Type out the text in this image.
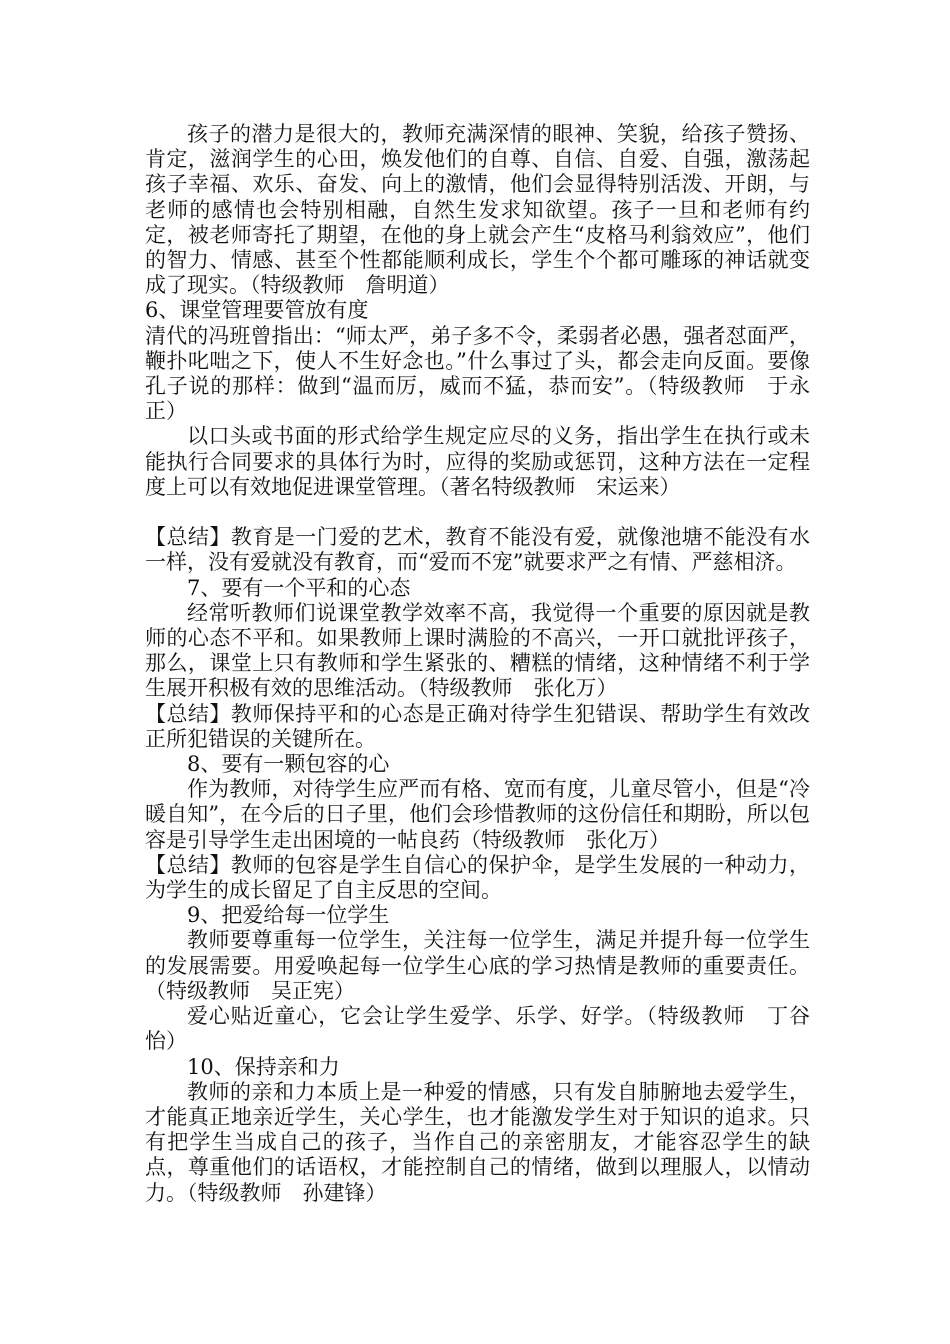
孩子的潜力是很大的，教师充满深情的眼神、笑貌，给孩子赞扬、肯定，滋润学生的心田，焕发他们的自尊、自信、自爱、自强，激荡起孩子幸福、欢乐、奋发、向上的激情，他们会显得特别活泼、开朗，与老师的感情也会特别相融，自然生发求知欲望。孩子一旦和老师有约定，被老师寄托了期望，在他的身上就会产生“皮格马利翁效应”，他们的智力、情感、甚至个性都能顺利成长，学生个个都可雕琢的神话就变成了现实。（特级教师　詹明道）

6、课堂管理要管放有度

清代的冯班曾指出：“师太严，弟子多不令，柔弱者必愚，强者怼面严，鞭扑叱咄之下，使人不生好念也。”什么事过了头，都会走向反面。要像孔子说的那样：做到“温而厉，威而不猛，恭而安”。（特级教师　于永正）

以口头或书面的形式给学生规定应尽的义务，指出学生在执行或未能执行合同要求的具体行为时，应得的奖励或惩罚，这种方法在一定程度上可以有效地促进课堂管理。（著名特级教师　宋运来）

【总结】教育是一门爱的艺术，教育不能没有爱，就像池塘不能没有水一样，没有爱就没有教育，而“爱而不宠”就要求严之有情、严慈相济。

7、要有一个平和的心态

经常听教师们说课堂教学效率不高，我觉得一个重要的原因就是教师的心态不平和。如果教师上课时满脸的不高兴，一开口就批评孩子，那么，课堂上只有教师和学生紧张的、糟糕的情绪，这种情绪不利于学生展开积极有效的思维活动。（特级教师　张化万）

【总结】教师保持平和的心态是正确对待学生犯错误、帮助学生有效改正所犯错误的关键所在。

8、要有一颗包容的心

作为教师，对待学生应严而有格、宽而有度，儿童尽管小，但是“冷暖自知”，在今后的日子里，他们会珍惜教师的这份信任和期盼，所以包容是引导学生走出困境的一帖良药（特级教师　张化万）

【总结】教师的包容是学生自信心的保护伞，是学生发展的一种动力，为学生的成长留足了自主反思的空间。

9、把爱给每一位学生

教师要尊重每一位学生，关注每一位学生，满足并提升每一位学生的发展需要。用爱唤起每一位学生心底的学习热情是教师的重要责任。（特级教师　吴正宪）

爱心贴近童心，它会让学生爱学、乐学、好学。（特级教师　丁谷怡）

10、保持亲和力

教师的亲和力本质上是一种爱的情感，只有发自肺腑地去爱学生，才能真正地亲近学生，关心学生，也才能激发学生对于知识的追求。只有把学生当成自己的孩子，当作自己的亲密朋友，才能容忍学生的缺点，尊重他们的话语权，才能控制自己的情绪，做到以理服人，以情动力。（特级教师　孙建锋）
